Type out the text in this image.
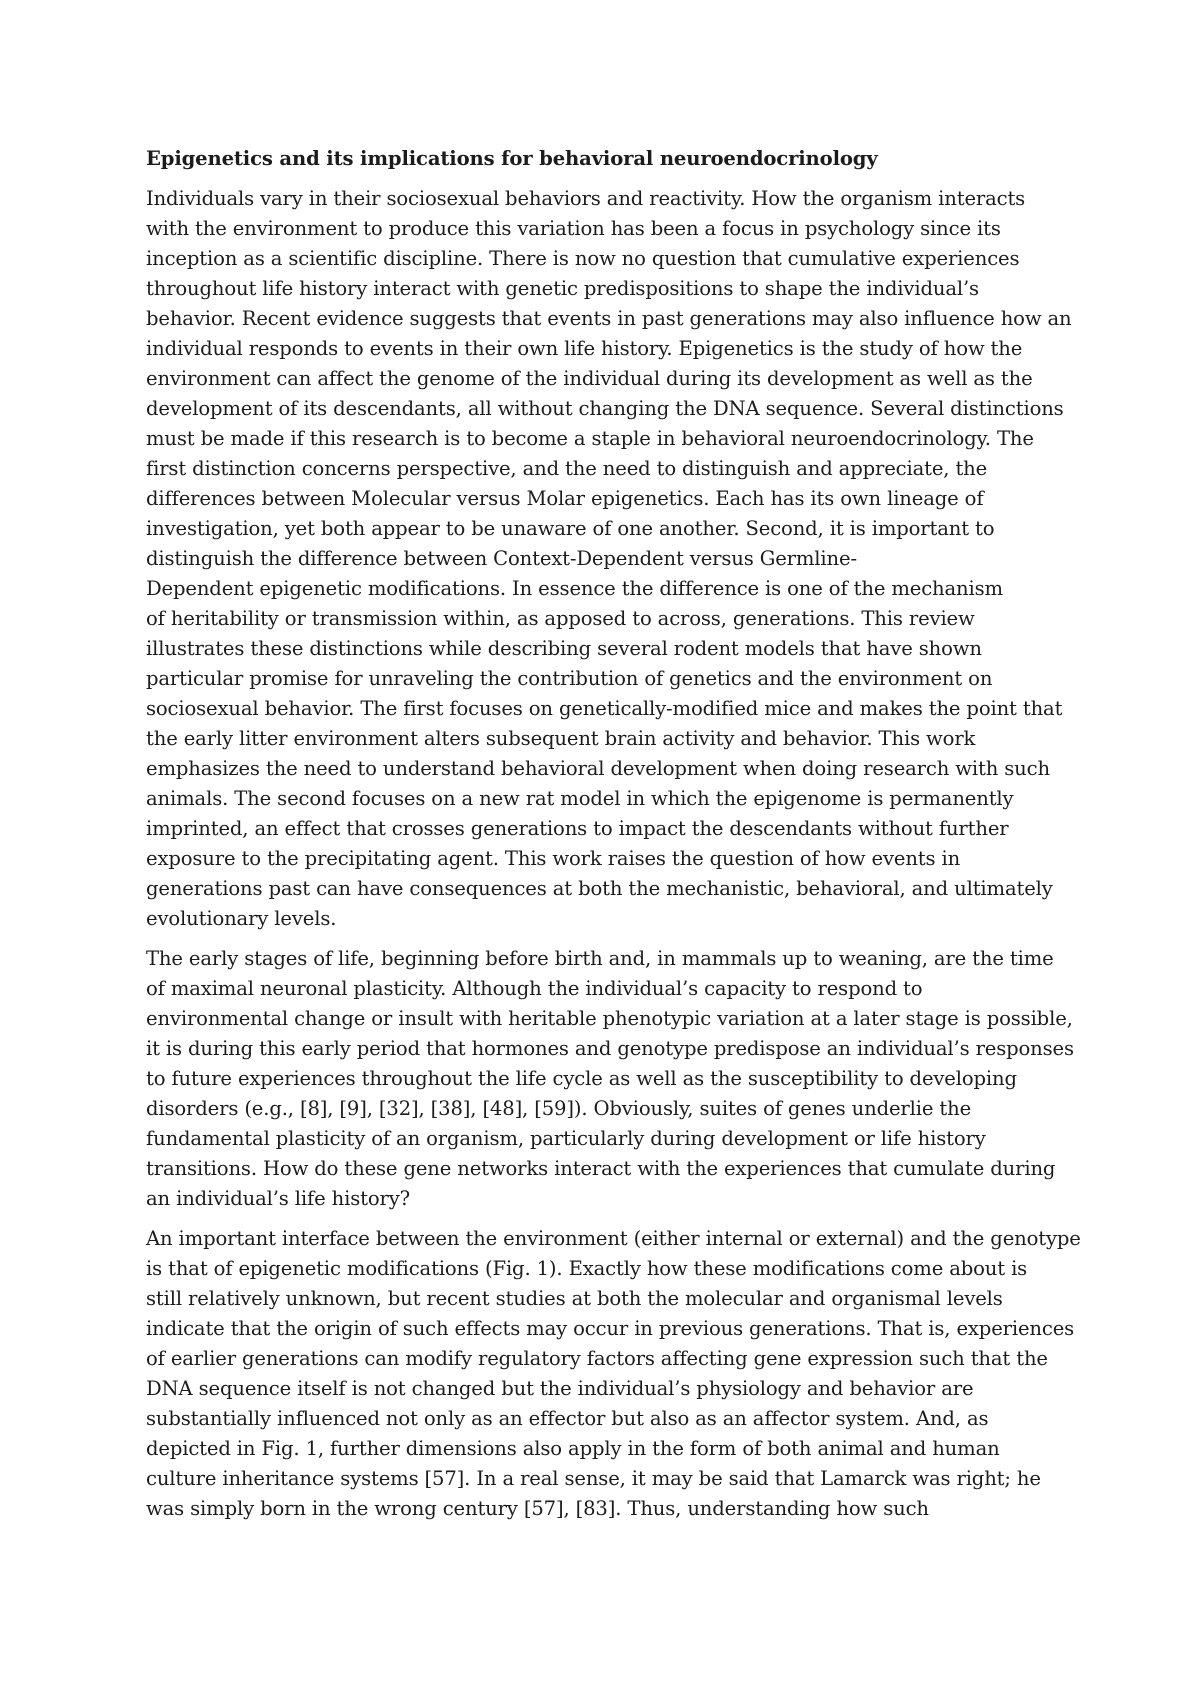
Epigenetics and its implications for behavioral neuroendocrinology

Individuals vary in their sociosexual behaviors and reactivity. How the organism interacts
with the environment to produce this variation has been a focus in psychology since its
inception as a scientific discipline. There is now no question that cumulative experiences
throughout life history interact with genetic predispositions to shape the individual’s
behavior. Recent evidence suggests that events in past generations may also influence how an
individual responds to events in their own life history. Epigenetics is the study of how the
environment can affect the genome of the individual during its development as well as the
development of its descendants, all without changing the DNA sequence. Several distinctions
must be made if this research is to become a staple in behavioral neuroendocrinology. The
first distinction concerns perspective, and the need to distinguish and appreciate, the
differences between Molecular versus Molar epigenetics. Each has its own lineage of
investigation, yet both appear to be unaware of one another. Second, it is important to
distinguish the difference between Context-Dependent versus Germline-
Dependent epigenetic modifications. In essence the difference is one of the mechanism
of heritability or transmission within, as apposed to across, generations. This review
illustrates these distinctions while describing several rodent models that have shown
particular promise for unraveling the contribution of genetics and the environment on
sociosexual behavior. The first focuses on genetically-modified mice and makes the point that
the early litter environment alters subsequent brain activity and behavior. This work
emphasizes the need to understand behavioral development when doing research with such
animals. The second focuses on a new rat model in which the epigenome is permanently
imprinted, an effect that crosses generations to impact the descendants without further
exposure to the precipitating agent. This work raises the question of how events in
generations past can have consequences at both the mechanistic, behavioral, and ultimately
evolutionary levels.

The early stages of life, beginning before birth and, in mammals up to weaning, are the time
of maximal neuronal plasticity. Although the individual’s capacity to respond to
environmental change or insult with heritable phenotypic variation at a later stage is possible,
it is during this early period that hormones and genotype predispose an individual’s responses
to future experiences throughout the life cycle as well as the susceptibility to developing
disorders (e.g., [8], [9], [32], [38], [48], [59]). Obviously, suites of genes underlie the
fundamental plasticity of an organism, particularly during development or life history
transitions. How do these gene networks interact with the experiences that cumulate during
an individual’s life history?

An important interface between the environment (either internal or external) and the genotype
is that of epigenetic modifications (Fig. 1). Exactly how these modifications come about is
still relatively unknown, but recent studies at both the molecular and organismal levels
indicate that the origin of such effects may occur in previous generations. That is, experiences
of earlier generations can modify regulatory factors affecting gene expression such that the
DNA sequence itself is not changed but the individual’s physiology and behavior are
substantially influenced not only as an effector but also as an affector system. And, as
depicted in Fig. 1, further dimensions also apply in the form of both animal and human
culture inheritance systems [57]. In a real sense, it may be said that Lamarck was right; he
was simply born in the wrong century [57], [83]. Thus, understanding how such
